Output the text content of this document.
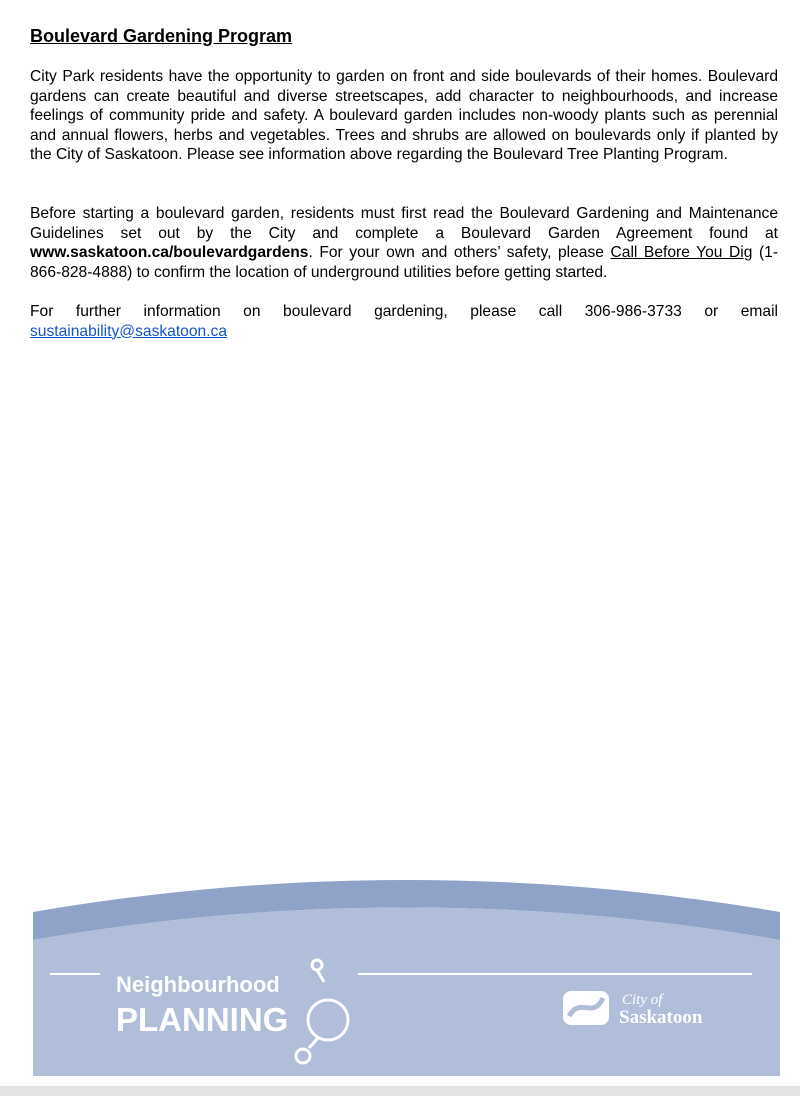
Boulevard Gardening Program

City Park residents have the opportunity to garden on front and side boulevards of their homes. Boulevard gardens can create beautiful and diverse streetscapes, add character to neighbourhoods, and increase feelings of community pride and safety. A boulevard garden includes non-woody plants such as perennial and annual flowers, herbs and vegetables. Trees and shrubs are allowed on boulevards only if planted by the City of Saskatoon. Please see information above regarding the Boulevard Tree Planting Program.

Before starting a boulevard garden, residents must first read the Boulevard Gardening and Maintenance Guidelines set out by the City and complete a Boulevard Garden Agreement found at www.saskatoon.ca/boulevardgardens. For your own and others’ safety, please Call Before You Dig (1-866-828-4888) to confirm the location of underground utilities before getting started.

For further information on boulevard gardening, please call 306-986-3733 or email sustainability@saskatoon.ca

Neighbourhood
PLANNING
City of
Saskatoon
